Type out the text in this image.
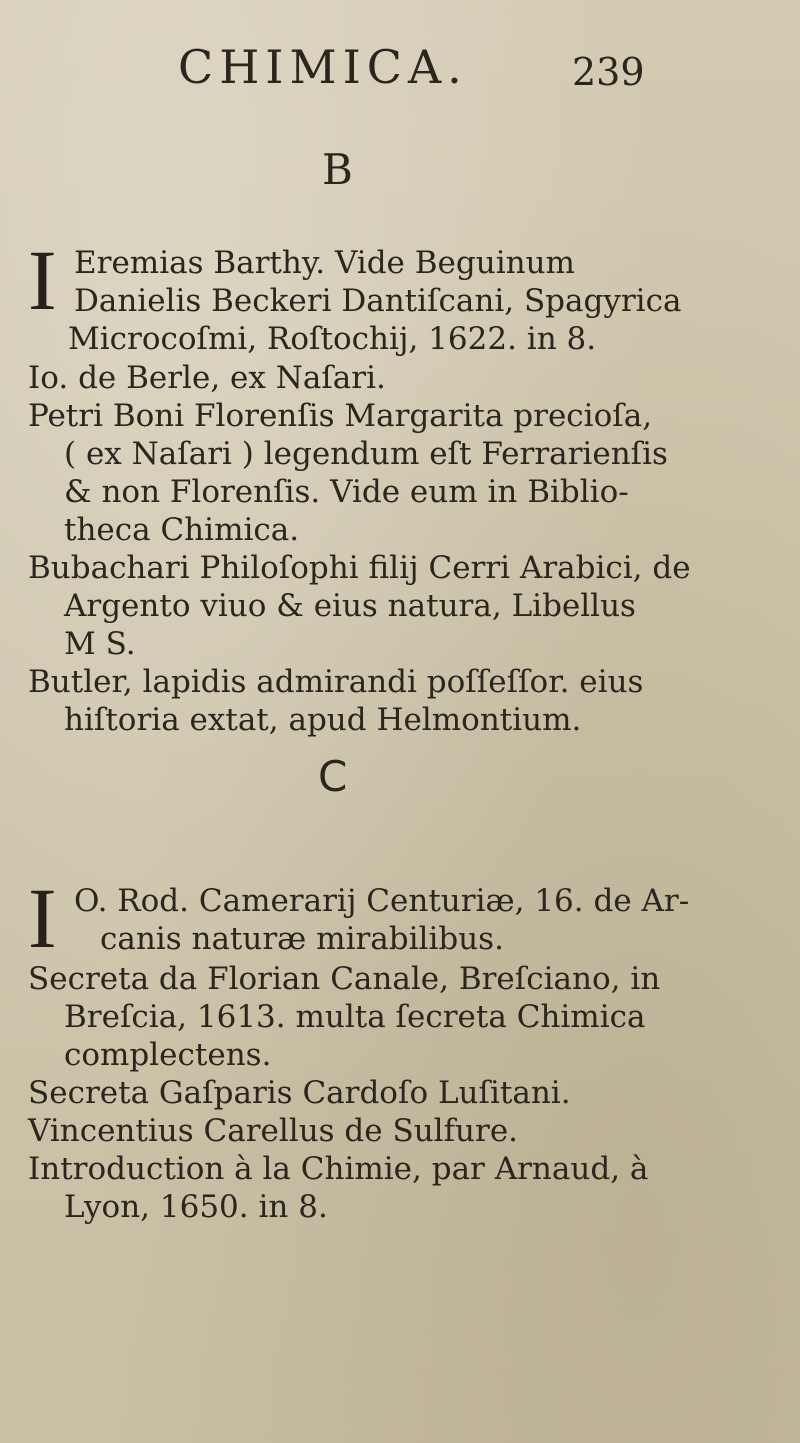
CHIMICA.	239
B
I Eremias Barthy. Vide Beguinum
Danielis Beckeri Dantiſcani, Spagyrica
Microcoſmi, Roſtochij, 1622. in 8.
Io. de Berle, ex Naſari.
Petri Boni Florenſis Margarita precioſa,
( ex Naſari ) legendum eſt Ferrarienſis
& non Florenſis. Vide eum in Biblio-
theca Chimica.
Bubachari Philoſophi filij Cerri Arabici, de
Argento viuo & eius natura, Libellus
M S.
Butler, lapidis admirandi poſſeſſor. eius
hiſtoria extat, apud Helmontium.
C
I O. Rod. Camerarij Centuriæ, 16. de Ar-
canis naturæ mirabilibus.
Secreta da Florian Canale, Breſciano, in
Breſcia, 1613. multa ſecreta Chimica
complectens.
Secreta Gaſparis Cardoſo Luſitani.
Vincentius Carellus de Sulfure.
Introduction à la Chimie, par Arnaud, à
Lyon, 1650. in 8.
